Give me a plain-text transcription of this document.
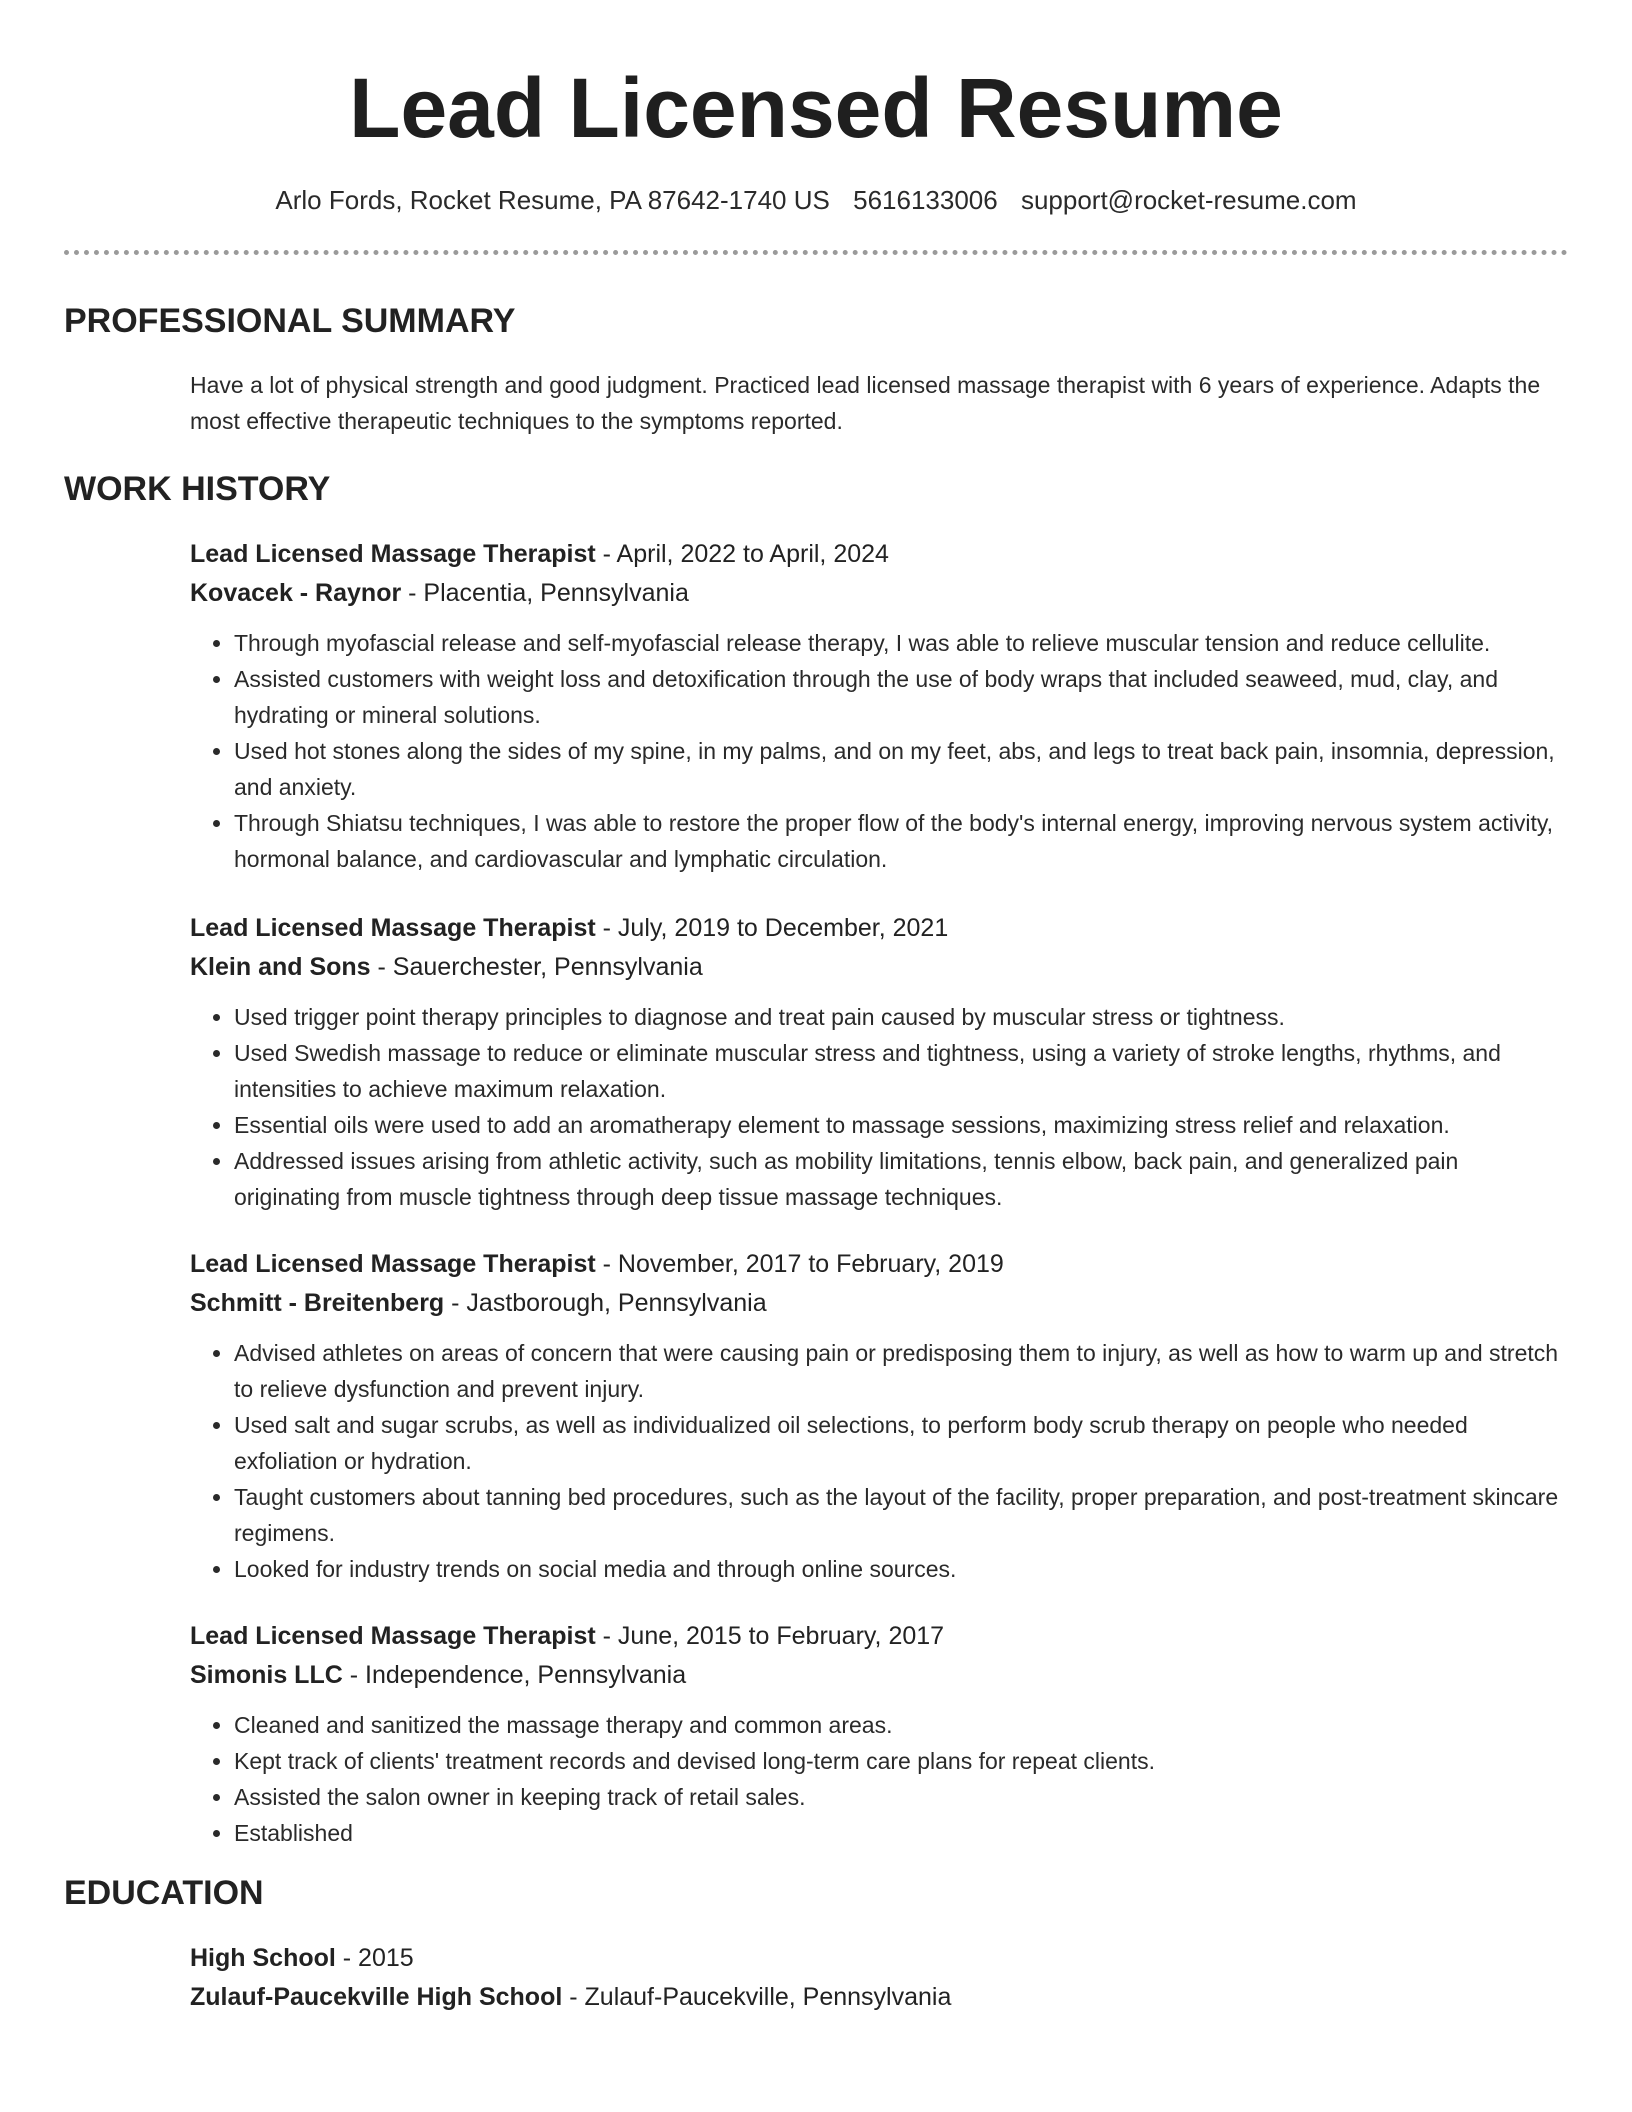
Lead Licensed Resume
Arlo Fords, Rocket Resume, PA 87642-1740 US 5616133006 support@rocket-resume.com
PROFESSIONAL SUMMARY
Have a lot of physical strength and good judgment. Practiced lead licensed massage therapist with 6 years of experience. Adapts the most effective therapeutic techniques to the symptoms reported.
WORK HISTORY
Lead Licensed Massage Therapist - April, 2022 to April, 2024
Kovacek - Raynor - Placentia, Pennsylvania
• Through myofascial release and self-myofascial release therapy, I was able to relieve muscular tension and reduce cellulite.
• Assisted customers with weight loss and detoxification through the use of body wraps that included seaweed, mud, clay, and hydrating or mineral solutions.
• Used hot stones along the sides of my spine, in my palms, and on my feet, abs, and legs to treat back pain, insomnia, depression, and anxiety.
• Through Shiatsu techniques, I was able to restore the proper flow of the body's internal energy, improving nervous system activity, hormonal balance, and cardiovascular and lymphatic circulation.
Lead Licensed Massage Therapist - July, 2019 to December, 2021
Klein and Sons - Sauerchester, Pennsylvania
• Used trigger point therapy principles to diagnose and treat pain caused by muscular stress or tightness.
• Used Swedish massage to reduce or eliminate muscular stress and tightness, using a variety of stroke lengths, rhythms, and intensities to achieve maximum relaxation.
• Essential oils were used to add an aromatherapy element to massage sessions, maximizing stress relief and relaxation.
• Addressed issues arising from athletic activity, such as mobility limitations, tennis elbow, back pain, and generalized pain originating from muscle tightness through deep tissue massage techniques.
Lead Licensed Massage Therapist - November, 2017 to February, 2019
Schmitt - Breitenberg - Jastborough, Pennsylvania
• Advised athletes on areas of concern that were causing pain or predisposing them to injury, as well as how to warm up and stretch to relieve dysfunction and prevent injury.
• Used salt and sugar scrubs, as well as individualized oil selections, to perform body scrub therapy on people who needed exfoliation or hydration.
• Taught customers about tanning bed procedures, such as the layout of the facility, proper preparation, and post-treatment skincare regimens.
• Looked for industry trends on social media and through online sources.
Lead Licensed Massage Therapist - June, 2015 to February, 2017
Simonis LLC - Independence, Pennsylvania
• Cleaned and sanitized the massage therapy and common areas.
• Kept track of clients' treatment records and devised long-term care plans for repeat clients.
• Assisted the salon owner in keeping track of retail sales.
• Established
EDUCATION
High School - 2015
Zulauf-Paucekville High School - Zulauf-Paucekville, Pennsylvania
